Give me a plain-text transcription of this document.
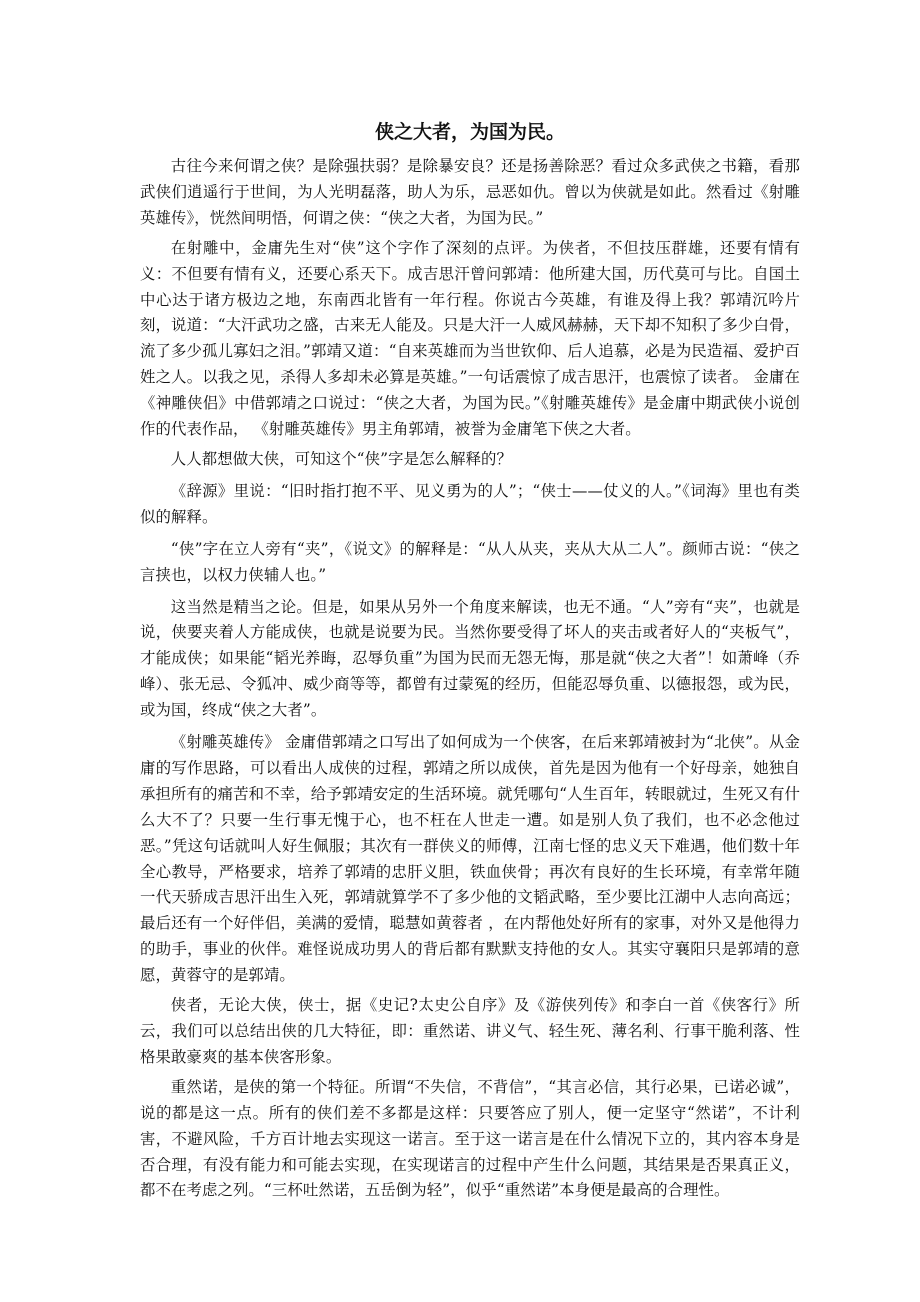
侠之大者，为国为民。

古往今来何谓之侠？是除强扶弱？是除暴安良？还是扬善除恶？看过众多武侠之书籍，看那武侠们逍遥行于世间，为人光明磊落，助人为乐，忌恶如仇。曾以为侠就是如此。然看过《射雕英雄传》，恍然间明悟，何谓之侠：“侠之大者，为国为民。”

在射雕中，金庸先生对“侠”这个字作了深刻的点评。为侠者，不但技压群雄，还要有情有义：不但要有情有义，还要心系天下。成吉思汗曾问郭靖：他所建大国，历代莫可与比。自国土中心达于诸方极边之地，东南西北皆有一年行程。你说古今英雄，有谁及得上我？郭靖沉吟片刻，说道：“大汗武功之盛，古来无人能及。只是大汗一人威风赫赫，天下却不知积了多少白骨，流了多少孤儿寡妇之泪。”郭靖又道：“自来英雄而为当世钦仰、后人追慕，必是为民造福、爱护百姓之人。以我之见，杀得人多却未必算是英雄。”一句话震惊了成吉思汗，也震惊了读者。 金庸在《神雕侠侣》中借郭靖之口说过：“侠之大者，为国为民。”《射雕英雄传》是金庸中期武侠小说创作的代表作品， 《射雕英雄传》男主角郭靖，被誉为金庸笔下侠之大者。

人人都想做大侠，可知这个“侠”字是怎么解释的？

《辞源》里说：“旧时指打抱不平、见义勇为的人”；“侠士——仗义的人。”《词海》里也有类似的解释。

“侠”字在立人旁有“夹”，《说文》的解释是：“从人从夹，夹从大从二人”。颜师古说：“侠之言挟也，以权力侠辅人也。”

这当然是精当之论。但是，如果从另外一个角度来解读，也无不通。“人”旁有“夹”，也就是说，侠要夹着人方能成侠，也就是说要为民。当然你要受得了坏人的夹击或者好人的“夹板气”，才能成侠；如果能“韬光养晦，忍辱负重”为国为民而无怨无悔，那是就“侠之大者”！如萧峰（乔峰）、张无忌、令狐冲、威少商等等，都曾有过蒙冤的经历，但能忍辱负重、以德报怨，或为民，或为国，终成“侠之大者”。

《射雕英雄传》 金庸借郭靖之口写出了如何成为一个侠客，在后来郭靖被封为“北侠”。从金庸的写作思路，可以看出人成侠的过程，郭靖之所以成侠，首先是因为他有一个好母亲，她独自承担所有的痛苦和不幸，给予郭靖安定的生活环境。就凭哪句“人生百年，转眼就过，生死又有什么大不了？只要一生行事无愧于心，也不枉在人世走一遭。如是别人负了我们，也不必念他过恶。”凭这句话就叫人好生佩服；其次有一群侠义的师傅，江南七怪的忠义天下难遇，他们数十年全心教导，严格要求，培养了郭靖的忠肝义胆，铁血侠骨；再次有良好的生长环境，有幸常年随一代天骄成吉思汗出生入死，郭靖就算学不了多少他的文韬武略，至少要比江湖中人志向高远；最后还有一个好伴侣，美满的爱情，聪慧如黄蓉者 ，在内帮他处好所有的家事，对外又是他得力的助手，事业的伙伴。难怪说成功男人的背后都有默默支持他的女人。其实守襄阳只是郭靖的意愿，黄蓉守的是郭靖。

侠者，无论大侠，侠士，据《史记?太史公自序》及《游侠列传》和李白一首《侠客行》所云，我们可以总结出侠的几大特征，即：重然诺、讲义气、轻生死、薄名利、行事干脆利落、性格果敢豪爽的基本侠客形象。

重然诺，是侠的第一个特征。所谓“不失信，不背信”，“其言必信，其行必果，已诺必诚”，说的都是这一点。所有的侠们差不多都是这样：只要答应了别人，便一定坚守“然诺”，不计利害，不避风险，千方百计地去实现这一诺言。至于这一诺言是在什么情况下立的，其内容本身是否合理，有没有能力和可能去实现，在实现诺言的过程中产生什么问题，其结果是否果真正义，都不在考虑之列。“三杯吐然诺，五岳倒为轻”，似乎“重然诺”本身便是最高的合理性。
